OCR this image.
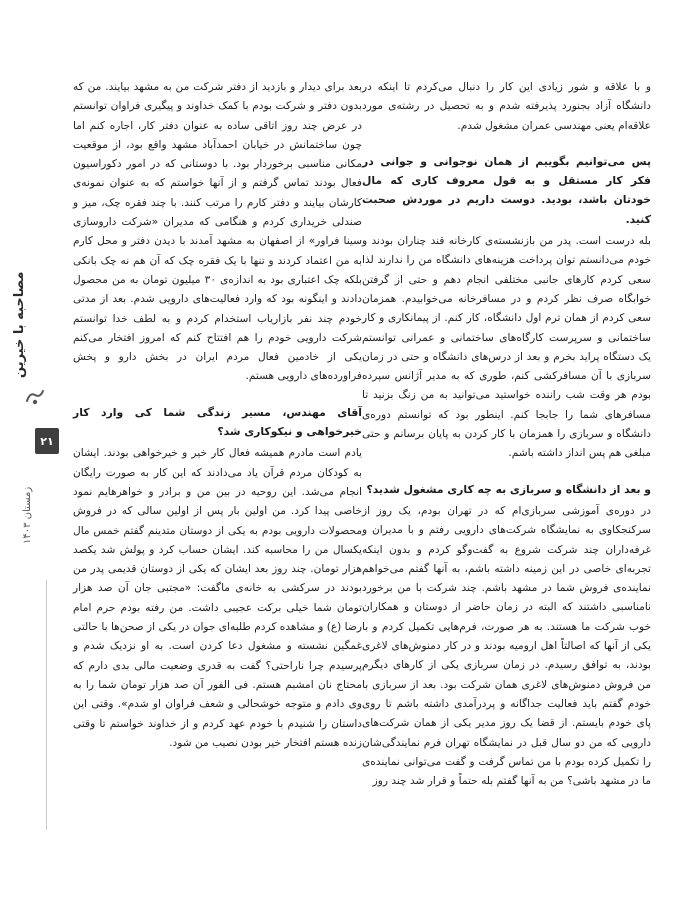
و با علاقه و شور زیادی این کار را دنبال می‌کردم تا اینکه در دانشگاه آزاد بجنورد پذیرفته شدم و به تحصیل در رشته‌ی مورد علاقه‌ام یعنی مهندسی عمران مشغول شدم.

پس می‌توانیم بگوییم از همان نوجوانی و جوانی در فکر کار مستقل و به قول معروف کاری که مال خودتان باشد، بودید. دوست داریم در موردش صحبت کنید.

بله درست است. پدر من بازنشسته‌ی کارخانه قند چناران بودند و خودم می‌دانستم توان پرداخت هزینه‌های دانشگاه من را ندارند لذا سعی کردم کارهای جانبی مختلفی انجام دهم و حتی از گرفتن خوابگاه صرف نظر کردم و در مسافرخانه می‌خوابیدم. همزمان سعی کردم از همان ترم اول دانشگاه، کار کنم. از پیمانکاری و کار ساختمانی و سرپرست کارگاه‌های ساختمانی و عمرانی توانستم یک دستگاه پراید بخرم و بعد از درس‌های دانشگاه و حتی در زمان سربازی با آن مسافرکشی کنم، طوری که به مدیر آژانس سپرده بودم هر وقت شب راننده خواستید می‌توانید به من زنگ بزنید تا مسافرهای شما را جابجا کنم. اینطور بود که توانستم دوره‌ی دانشگاه و سربازی را همزمان با کار کردن به پایان برسانم و حتی مبلغی هم پس انداز داشته باشم.

و بعد از دانشگاه و سربازی به چه کاری مشغول شدید؟

در دوره‌ی آموزشی سربازی‌ام که در تهران بودم، یک روز از سرکنجکاوی به نمایشگاه شرکت‌های دارویی رفتم و با مدیران و غرفه‌داران چند شرکت شروع به گفت‌وگو کردم و بدون اینکه تجربه‌ای خاصی در این زمینه داشته باشم، به آنها گفتم می‌خواهم نماینده‌ی فروش شما در مشهد باشم. چند شرکت با من برخورد نامناسبی داشتند که البته در زمان حاضر از دوستان و همکاران خوب شرکت ما هستند. به هر صورت، فرم‌هایی تکمیل کردم و با یکی از آنها که اصالتاً اهل ارومیه بودند و در کار دمنوش‌های لاغری بودند، به توافق رسیدم. در زمان سربازی یکی از کارهای دیگرم من فروش دمنوش‌های لاغری همان شرکت بود. بعد از سربازی با خودم گفتم باید فعالیت جداگانه و پردرآمدی داشته باشم تا روی پای خودم بایستم. از قضا یک روز مدیر یکی از همان شرکت‌های دارویی که من دو سال قبل در نمایشگاه تهران فرم نمایندگی‌شان را تکمیل کرده بودم با من تماس گرفت و گفت می‌توانی نماینده‌ی ما در مشهد باشی؟ من به آنها گفتم بله حتماً و قرار شد چند روز

بعد برای دیدار و بازدید از دفتر شرکت من به مشهد بیایند. من که بدون دفتر و شرکت بودم با کمک خداوند و پیگیری فراوان توانستم در عرض چند روز اتاقی ساده به عنوان دفتر کار، اجاره کنم اما چون ساختمانش در خیابان احمدآباد مشهد واقع بود، از موقعیت مکانی مناسبی برخوردار بود. با دوستانی که در امور دکوراسیون فعال بودند تماس گرفتم و از آنها خواستم که به عنوان نمونه‌ی کارشان بیایند و دفتر کارم را مرتب کنند. با چند فقره چک، میز و صندلی خریداری کردم و هنگامی که مدیران «شرکت داروسازی سینا فراور» از اصفهان به مشهد آمدند با دیدن دفتر و محل کارم به من اعتماد کردند و تنها با یک فقره چک که آن هم نه چک بانکی بلکه چک اعتباری بود به اندازه‌ی ۳۰ میلیون تومان به من محصول دادند و اینگونه بود که وارد فعالیت‌های دارویی شدم. بعد از مدتی خودم چند نفر بازاریاب استخدام کردم و به لطف خدا توانستم شرکت دارویی خودم را هم افتتاح کنم که امروز افتخار می‌کنم یکی از خادمین فعال مردم ایران در بخش دارو و پخش فراورده‌های دارویی هستم.

آقای مهندس، مسیر زندگی شما کی وارد کار خیرخواهی و نیکوکاری شد؟

یادم است مادرم همیشه فعال کار خیر و خیرخواهی بودند. ایشان به کودکان مردم قرآن یاد می‌دادند که این کار به صورت رایگان انجام می‌شد. این روحیه در بین من و برادر و خواهرهایم نمود خاصی پیدا کرد. من اولین بار پس از اولین سالی که در فروش محصولات دارویی بودم به یکی از دوستان متدینم گفتم خمس مال یکسال من را محاسبه کند. ایشان حساب کرد و پولش شد یکصد هزار تومان. چند روز بعد ایشان که یکی از دوستان قدیمی پدر من بودند در سرکشی به خانه‌ی ماگفت: «مجتبی جان آن صد هزار تومان شما خیلی برکت عجیبی داشت. من رفته بودم حرم امام رضا (ع) و مشاهده کردم طلبه‌ای جوان در یکی از صحن‌ها با حالتی غمگین نشسته و مشغول دعا کردن است. به او نزدیک شدم و پرسیدم چرا ناراحتی؟ گفت به قدری وضعیت مالی بدی دارم که محتاج نان امشبم هستم. فی الفور آن صد هزار تومان شما را به وی دادم و متوجه خوشحالی و شعف فراوان او شدم». وقتی این داستان را شنیدم با خودم عهد کردم و از خداوند خواستم تا وقتی زنده هستم افتخار خیر بودن نصیب من شود.

مصاحبه با خیرین
۲۱
زمستان ۱۴۰۳
